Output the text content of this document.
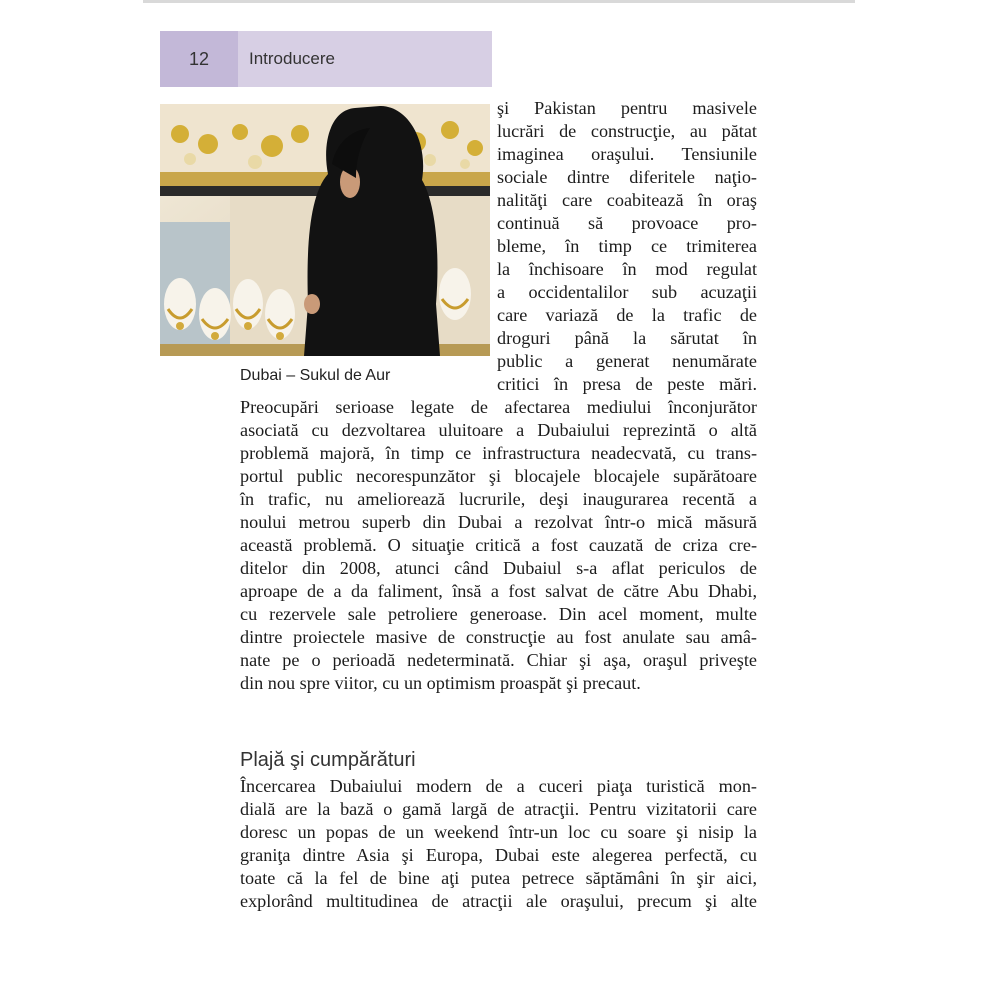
12	Introducere
Dubai – Sukul de Aur
şi Pakistan pentru masivele
lucrări de construcţie, au pătat
imaginea oraşului. Tensiunile
sociale dintre diferitele naţio-
nalităţi care coabitează în oraş
continuă să provoace pro-
bleme, în timp ce trimiterea
la închisoare în mod regulat
a occidentalilor sub acuzaţii
care variază de la trafic de
droguri până la sărutat în
public a generat nenumărate
critici în presa de peste mări.
Preocupări serioase legate de afectarea mediului înconjurător
asociată cu dezvoltarea uluitoare a Dubaiului reprezintă o altă
problemă majoră, în timp ce infrastructura neadecvată, cu trans-
portul public necorespunzător şi blocajele blocajele supărătoare
în trafic, nu ameliorează lucrurile, deşi inaugurarea recentă a
noului metrou superb din Dubai a rezolvat într-o mică măsură
această problemă. O situaţie critică a fost cauzată de criza cre-
ditelor din 2008, atunci când Dubaiul s-a aflat periculos de
aproape de a da faliment, însă a fost salvat de către Abu Dhabi,
cu rezervele sale petroliere generoase. Din acel moment, multe
dintre proiectele masive de construcţie au fost anulate sau amâ-
nate pe o perioadă nedeterminată. Chiar şi aşa, oraşul priveşte
din nou spre viitor, cu un optimism proaspăt şi precaut.
Plajă şi cumpărături
Încercarea Dubaiului modern de a cuceri piaţa turistică mon-
dială are la bază o gamă largă de atracţii. Pentru vizitatorii care
doresc un popas de un weekend într-un loc cu soare şi nisip la
graniţa dintre Asia şi Europa, Dubai este alegerea perfectă, cu
toate că la fel de bine aţi putea petrece săptămâni în şir aici,
explorând multitudinea de atracţii ale oraşului, precum şi alte
